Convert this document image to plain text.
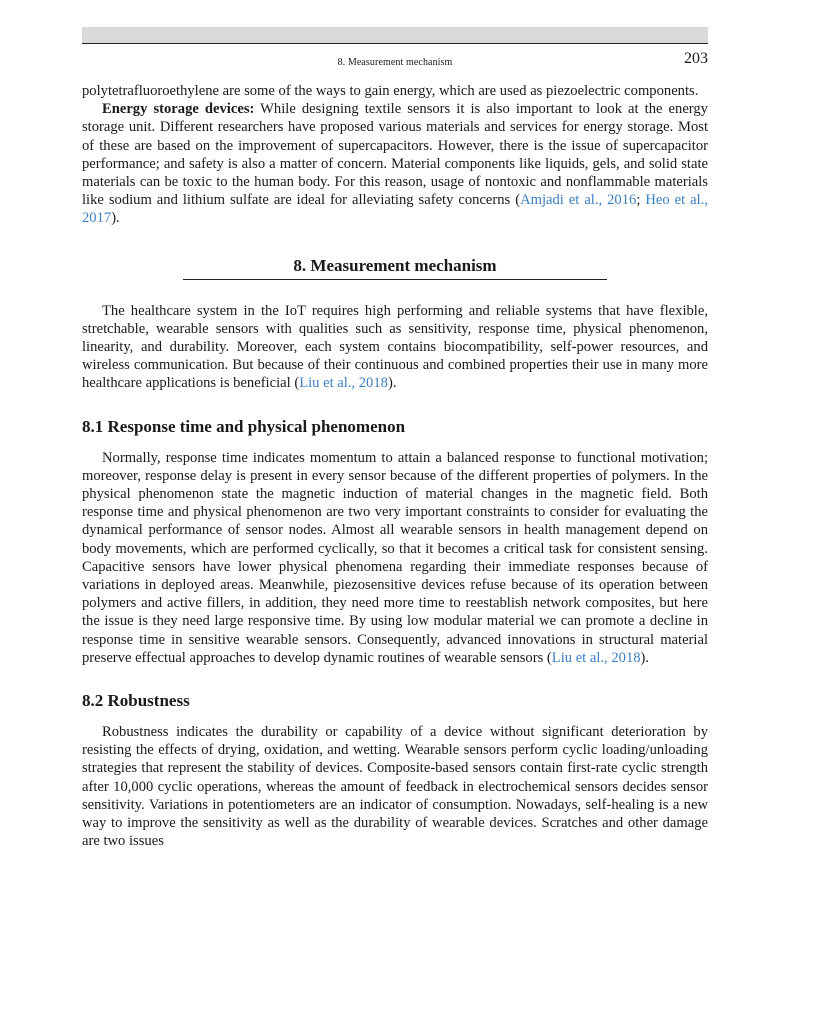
8. Measurement mechanism	203

polytetrafluoroethylene are some of the ways to gain energy, which are used as piezoelectric components.

Energy storage devices: While designing textile sensors it is also important to look at the energy storage unit. Different researchers have proposed various materials and services for energy storage. Most of these are based on the improvement of supercapacitors. However, there is the issue of supercapacitor performance; and safety is also a matter of concern. Material components like liquids, gels, and solid state materials can be toxic to the human body. For this reason, usage of nontoxic and nonflammable materials like sodium and lithium sulfate are ideal for alleviating safety concerns (Amjadi et al., 2016; Heo et al., 2017).

8. Measurement mechanism

The healthcare system in the IoT requires high performing and reliable systems that have flexible, stretchable, wearable sensors with qualities such as sensitivity, response time, physical phenomenon, linearity, and durability. Moreover, each system contains biocompatibility, self-power resources, and wireless communication. But because of their continuous and combined properties their use in many more healthcare applications is beneficial (Liu et al., 2018).

8.1 Response time and physical phenomenon

Normally, response time indicates momentum to attain a balanced response to functional motivation; moreover, response delay is present in every sensor because of the different properties of polymers. In the physical phenomenon state the magnetic induction of material changes in the magnetic field. Both response time and physical phenomenon are two very important constraints to consider for evaluating the dynamical performance of sensor nodes. Almost all wearable sensors in health management depend on body movements, which are performed cyclically, so that it becomes a critical task for consistent sensing. Capacitive sensors have lower physical phenomena regarding their immediate responses because of variations in deployed areas. Meanwhile, piezosensitive devices refuse because of its operation between polymers and active fillers, in addition, they need more time to reestablish network composites, but here the issue is they need large responsive time. By using low modular material we can promote a decline in response time in sensitive wearable sensors. Consequently, advanced innovations in structural material preserve effectual approaches to develop dynamic routines of wearable sensors (Liu et al., 2018).

8.2 Robustness

Robustness indicates the durability or capability of a device without significant deterioration by resisting the effects of drying, oxidation, and wetting. Wearable sensors perform cyclic loading/unloading strategies that represent the stability of devices. Composite-based sensors contain first-rate cyclic strength after 10,000 cyclic operations, whereas the amount of feedback in electrochemical sensors decides sensor sensitivity. Variations in potentiometers are an indicator of consumption. Nowadays, self-healing is a new way to improve the sensitivity as well as the durability of wearable devices. Scratches and other damage are two issues
